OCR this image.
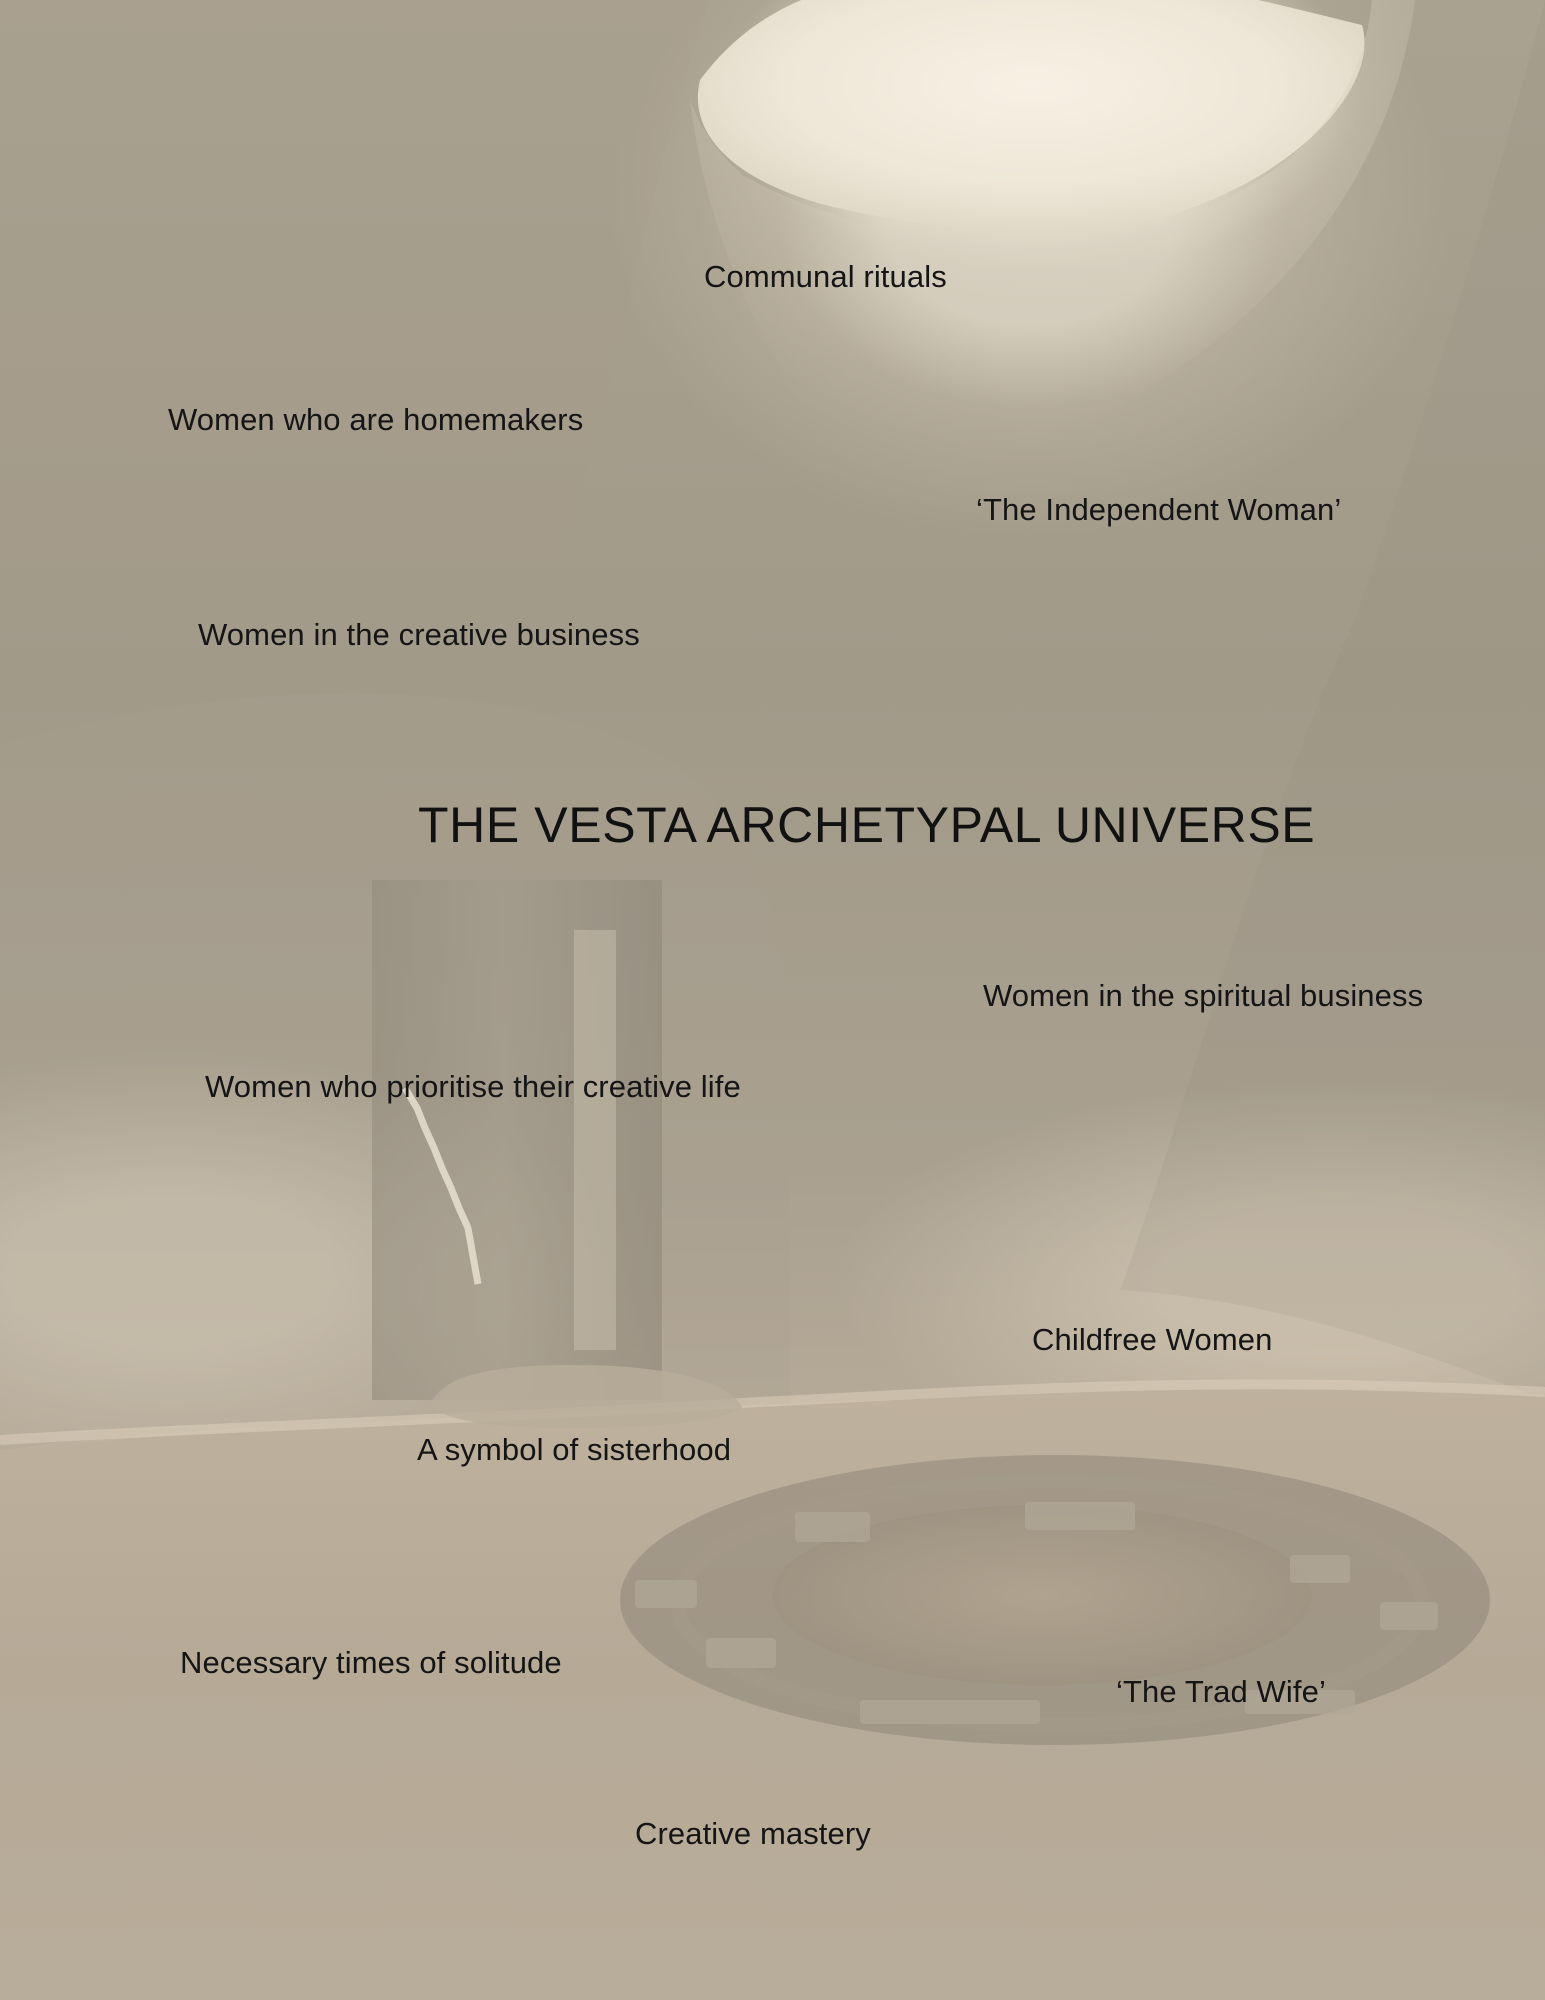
Communal rituals
Women who are homemakers
‘The Independent Woman’
Women in the creative business
THE VESTA ARCHETYPAL UNIVERSE
Women in the spiritual business
Women who prioritise their creative life
Childfree Women
A symbol of sisterhood
Necessary times of solitude
‘The Trad Wife’
Creative mastery
